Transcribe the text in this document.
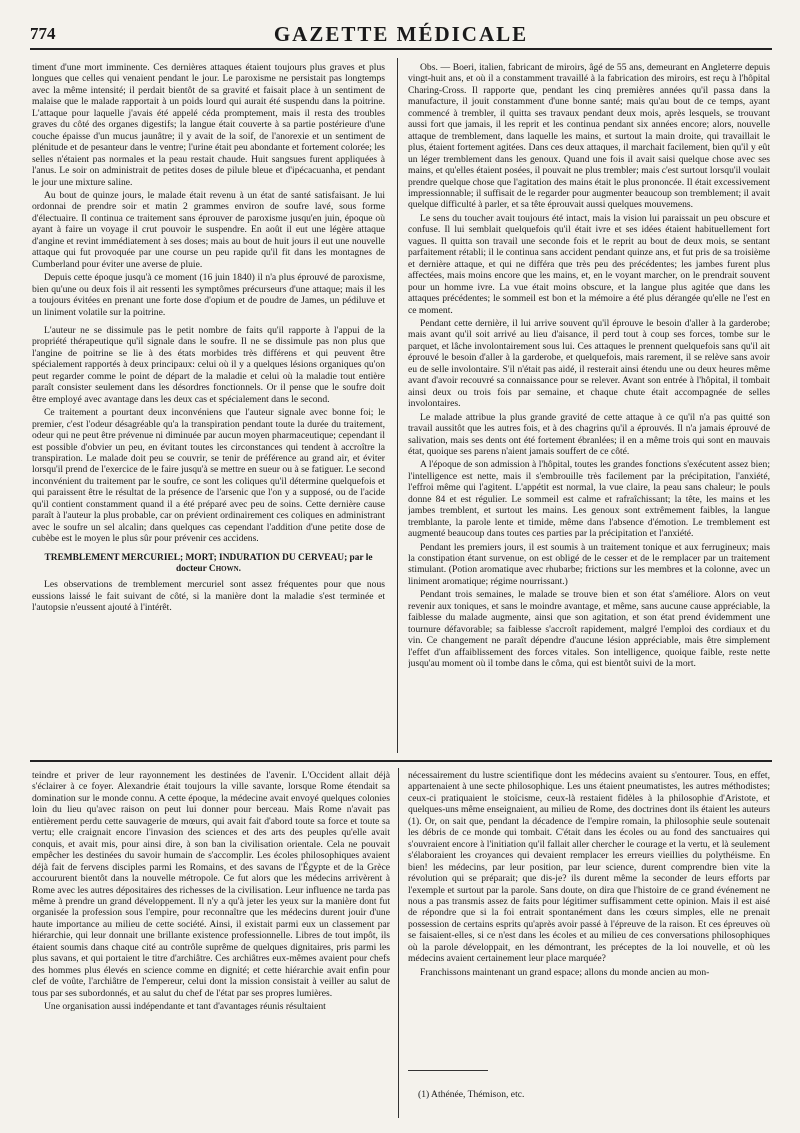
774	GAZETTE MÉDICALE

timent d'une mort imminente. Ces dernières attaques étaient toujours plus graves et plus longues que celles qui venaient pendant le jour. Le paroxisme ne persistait pas longtemps avec la même intensité; il perdait bientôt de sa gravité et faisait place à un sentiment de malaise que le malade rapportait à un poids lourd qui aurait été suspendu dans la poitrine. L'attaque pour laquelle j'avais été appelé céda promptement, mais il resta des troubles graves du côté des organes digestifs; la langue était couverte à sa partie postérieure d'une couche épaisse d'un mucus jaunâtre; il y avait de la soif, de l'anorexie et un sentiment de plénitude et de pesanteur dans le ventre; l'urine était peu abondante et fortement colorée; les selles n'étaient pas normales et la peau restait chaude. Huit sangsues furent appliquées à l'anus. Le soir on administrait de petites doses de pilule bleue et d'ipécacuanha, et pendant le jour une mixture saline.

Au bout de quinze jours, le malade était revenu à un état de santé satisfaisant. Je lui ordonnai de prendre soir et matin 2 grammes environ de soufre lavé, sous forme d'électuaire. Il continua ce traitement sans éprouver de paroxisme jusqu'en juin, époque où ayant à faire un voyage il crut pouvoir le suspendre. En août il eut une légère attaque d'angine et revint immédiatement à ses doses; mais au bout de huit jours il eut une nouvelle attaque qui fut provoquée par une course un peu rapide qu'il fit dans les montagnes de Cumberland pour éviter une averse de pluie.

Depuis cette époque jusqu'à ce moment (16 juin 1840) il n'a plus éprouvé de paroxisme, bien qu'une ou deux fois il ait ressenti les symptômes précurseurs d'une attaque; mais il les a toujours évitées en prenant une forte dose d'opium et de poudre de James, un pédiluve et un liniment volatile sur la poitrine.

L'auteur ne se dissimule pas le petit nombre de faits qu'il rapporte à l'appui de la propriété thérapeutique qu'il signale dans le soufre. Il ne se dissimule pas non plus que l'angine de poitrine se lie à des états morbides très différens et qui peuvent être spécialement rapportés à deux principaux: celui où il y a quelques lésions organiques qu'on peut regarder comme le point de départ de la maladie et celui où la maladie tout entière paraît consister seulement dans les désordres fonctionnels. Or il pense que le soufre doit être employé avec avantage dans les deux cas et spécialement dans le second.

Ce traitement a pourtant deux inconvéniens que l'auteur signale avec bonne foi; le premier, c'est l'odeur désagréable qu'a la transpiration pendant toute la durée du traitement, odeur qui ne peut être prévenue ni diminuée par aucun moyen pharmaceutique; cependant il est possible d'obvier un peu, en évitant toutes les circonstances qui tendent à accroître la transpiration. Le malade doit peu se couvrir, se tenir de préférence au grand air, et éviter lorsqu'il prend de l'exercice de le faire jusqu'à se mettre en sueur ou à se fatiguer. Le second inconvénient du traitement par le soufre, ce sont les coliques qu'il détermine quelquefois et qui paraissent être le résultat de la présence de l'arsenic que l'on y a supposé, ou de l'acide qu'il contient constamment quand il a été préparé avec peu de soins. Cette dernière cause paraît à l'auteur la plus probable, car on prévient ordinairement ces coliques en administrant avec le soufre un sel alcalin; dans quelques cas cependant l'addition d'une petite dose de cubèbe est le moyen le plus sûr pour prévenir ces accidens.

TREMBLEMENT MERCURIEL; MORT; INDURATION DU CERVEAU; par le docteur Chown.

Les observations de tremblement mercuriel sont assez fréquentes pour que nous eussions laissé le fait suivant de côté, si la manière dont la maladie s'est terminée et l'autopsie n'eussent ajouté à l'intérêt.

Obs. — Boeri, italien, fabricant de miroirs, âgé de 55 ans, demeurant en Angleterre depuis vingt-huit ans, et où il a constamment travaillé à la fabrication des miroirs, est reçu à l'hôpital Charing-Cross. Il rapporte que, pendant les cinq premières années qu'il passa dans la manufacture, il jouit constamment d'une bonne santé; mais qu'au bout de ce temps, ayant commencé à trembler, il quitta ses travaux pendant deux mois, après lesquels, se trouvant aussi fort que jamais, il les reprit et les continua pendant six années encore; alors, nouvelle attaque de tremblement, dans laquelle les mains, et surtout la main droite, qui travaillait le plus, étaient fortement agitées. Dans ces deux attaques, il marchait facilement, bien qu'il y eût un léger tremblement dans les genoux. Quand une fois il avait saisi quelque chose avec ses mains, et qu'elles étaient posées, il pouvait ne plus trembler; mais c'est surtout lorsqu'il voulait prendre quelque chose que l'agitation des mains était le plus prononcée. Il était excessivement impressionnable; il suffisait de le regarder pour augmenter beaucoup son tremblement; il avait quelque difficulté à parler, et sa tête éprouvait aussi quelques mouvemens.

Le sens du toucher avait toujours été intact, mais la vision lui paraissait un peu obscure et confuse. Il lui semblait quelquefois qu'il était ivre et ses idées étaient habituellement fort vagues. Il quitta son travail une seconde fois et le reprit au bout de deux mois, se sentant parfaitement rétabli; il le continua sans accident pendant quinze ans, et fut pris de sa troisième et dernière attaque, et qui ne différa que très peu des précédentes; les jambes furent plus affectées, mais moins encore que les mains, et, en le voyant marcher, on le prendrait souvent pour un homme ivre. La vue était moins obscure, et la langue plus agitée que dans les attaques précédentes; le sommeil est bon et la mémoire a été plus dérangée qu'elle ne l'est en ce moment.

Pendant cette dernière, il lui arrive souvent qu'il éprouve le besoin d'aller à la garderobe; mais avant qu'il soit arrivé au lieu d'aisance, il perd tout à coup ses forces, tombe sur le parquet, et lâche involontairement sous lui. Ces attaques le prennent quelquefois sans qu'il ait éprouvé le besoin d'aller à la garderobe, et quelquefois, mais rarement, il se relève sans avoir eu de selle involontaire. S'il n'était pas aidé, il resterait ainsi étendu une ou deux heures même avant d'avoir recouvré sa connaissance pour se relever. Avant son entrée à l'hôpital, il tombait ainsi deux ou trois fois par semaine, et chaque chute était accompagnée de selles involontaires.

Le malade attribue la plus grande gravité de cette attaque à ce qu'il n'a pas quitté son travail aussitôt que les autres fois, et à des chagrins qu'il a éprouvés. Il n'a jamais éprouvé de salivation, mais ses dents ont été fortement ébranlées; il en a même trois qui sont en mauvais état, quoique ses parens n'aient jamais souffert de ce côté.

A l'époque de son admission à l'hôpital, toutes les grandes fonctions s'exécutent assez bien; l'intelligence est nette, mais il s'embrouille très facilement par la précipitation, l'anxiété, l'effroi même qui l'agitent. L'appétit est normal, la vue claire, la peau sans chaleur; le pouls donne 84 et est régulier. Le sommeil est calme et rafraîchissant; la tête, les mains et les jambes tremblent, et surtout les mains. Les genoux sont extrêmement faibles, la langue tremblante, la parole lente et timide, même dans l'absence d'émotion. Le tremblement est augmenté beaucoup dans toutes ces parties par la précipitation et l'anxiété.

Pendant les premiers jours, il est soumis à un traitement tonique et aux ferrugineux; mais la constipation étant survenue, on est obligé de le cesser et de le remplacer par un traitement stimulant. (Potion aromatique avec rhubarbe; frictions sur les membres et la colonne, avec un liniment aromatique; régime nourrissant.)

Pendant trois semaines, le malade se trouve bien et son état s'améliore. Alors on veut revenir aux toniques, et sans le moindre avantage, et même, sans aucune cause appréciable, la faiblesse du malade augmente, ainsi que son agitation, et son état prend évidemment une tournure défavorable; sa faiblesse s'accroît rapidement, malgré l'emploi des cordiaux et du vin. Ce changement ne paraît dépendre d'aucune lésion appréciable, mais être simplement l'effet d'un affaiblissement des forces vitales. Son intelligence, quoique faible, reste nette jusqu'au moment où il tombe dans le côma, qui est bientôt suivi de la mort.

teindre et priver de leur rayonnement les destinées de l'avenir. L'Occident allait déjà s'éclairer à ce foyer. Alexandrie était toujours la ville savante, lorsque Rome étendait sa domination sur le monde connu. A cette époque, la médecine avait envoyé quelques colonies loin du lieu qu'avec raison on peut lui donner pour berceau. Mais Rome n'avait pas entièrement perdu cette sauvagerie de mœurs, qui avait fait d'abord toute sa force et toute sa vertu; elle craignait encore l'invasion des sciences et des arts des peuples qu'elle avait conquis, et avait mis, pour ainsi dire, à son ban la civilisation orientale. Cela ne pouvait empêcher les destinées du savoir humain de s'accomplir. Les écoles philosophiques avaient déjà fait de fervens disciples parmi les Romains, et des savans de l'Égypte et de la Grèce accoururent bientôt dans la nouvelle métropole. Ce fut alors que les médecins arrivèrent à Rome avec les autres dépositaires des richesses de la civilisation. Leur influence ne tarda pas même à prendre un grand développement. Il n'y a qu'à jeter les yeux sur la manière dont fut organisée la profession sous l'empire, pour reconnaître que les médecins durent jouir d'une haute importance au milieu de cette société. Ainsi, il existait parmi eux un classement par hiérarchie, qui leur donnait une brillante existence professionnelle. Libres de tout impôt, ils étaient soumis dans chaque cité au contrôle suprême de quelques dignitaires, pris parmi les plus savans, et qui portaient le titre d'archiâtre. Ces archiâtres eux-mêmes avaient pour chefs des hommes plus élevés en science comme en dignité; et cette hiérarchie avait enfin pour clef de voûte, l'archiâtre de l'empereur, celui dont la mission consistait à veiller au salut de tous par ses subordonnés, et au salut du chef de l'état par ses propres lumières.

Une organisation aussi indépendante et tant d'avantages réunis résultaient

nécessairement du lustre scientifique dont les médecins avaient su s'entourer. Tous, en effet, appartenaient à une secte philosophique. Les uns étaient pneumatistes, les autres méthodistes; ceux-ci pratiquaient le stoïcisme, ceux-là restaient fidèles à la philosophie d'Aristote, et quelques-uns même enseignaient, au milieu de Rome, des doctrines dont ils étaient les auteurs (1). Or, on sait que, pendant la décadence de l'empire romain, la philosophie seule soutenait les débris de ce monde qui tombait. C'était dans les écoles ou au fond des sanctuaires qui s'ouvraient encore à l'initiation qu'il fallait aller chercher le courage et la vertu, et là seulement s'élaboraient les croyances qui devaient remplacer les erreurs vieillies du polythéisme. En bien! les médecins, par leur position, par leur science, durent comprendre bien vite la révolution qui se préparait; que dis-je? ils durent même la seconder de leurs efforts par l'exemple et surtout par la parole. Sans doute, on dira que l'histoire de ce grand événement ne nous a pas transmis assez de faits pour légitimer suffisamment cette opinion. Mais il est aisé de répondre que si la foi entrait spontanément dans les cœurs simples, elle ne prenait possession de certains esprits qu'après avoir passé à l'épreuve de la raison. Et ces épreuves où se faisaient-elles, si ce n'est dans les écoles et au milieu de ces conversations philosophiques où la parole développait, en les démontrant, les préceptes de la loi nouvelle, et où les médecins avaient certainement leur place marquée?

Franchissons maintenant un grand espace; allons du monde ancien au mon-

(1) Athénée, Thémison, etc.
